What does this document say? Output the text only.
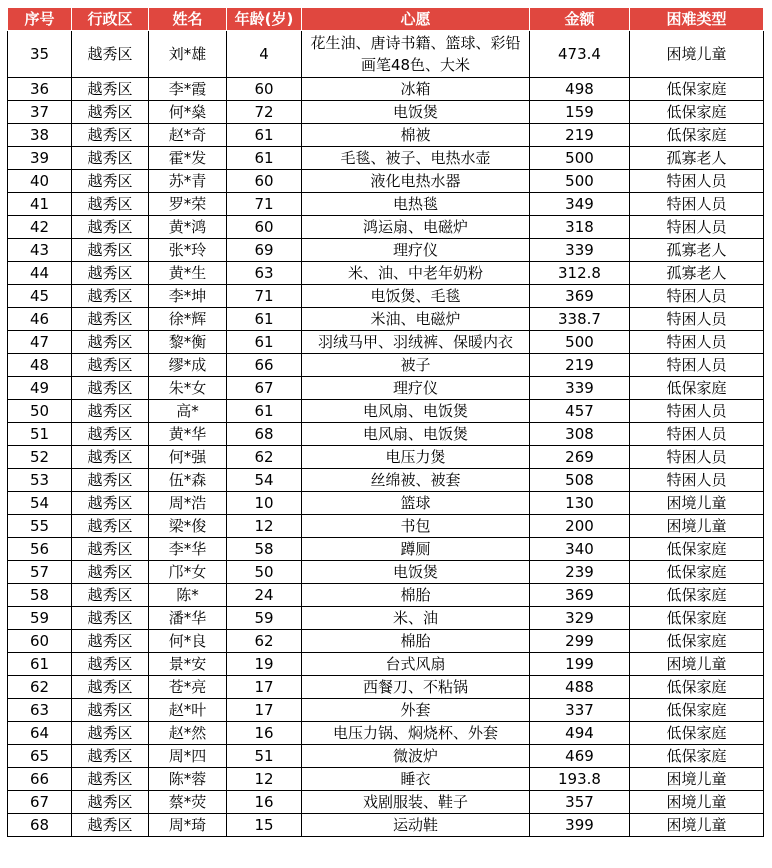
序号	行政区	姓名	年龄(岁)	心愿	金额	困难类型
35	越秀区	刘*雄	4	花生油、唐诗书籍、篮球、彩铅画笔48色、大米	473.4	困境儿童
36	越秀区	李*霞	60	冰箱	498	低保家庭
37	越秀区	何*燊	72	电饭煲	159	低保家庭
38	越秀区	赵*奇	61	棉被	219	低保家庭
39	越秀区	霍*发	61	毛毯、被子、电热水壶	500	孤寡老人
40	越秀区	苏*青	60	液化电热水器	500	特困人员
41	越秀区	罗*荣	71	电热毯	349	特困人员
42	越秀区	黄*鸿	60	鸿运扇、电磁炉	318	特困人员
43	越秀区	张*玲	69	理疗仪	339	孤寡老人
44	越秀区	黄*生	63	米、油、中老年奶粉	312.8	孤寡老人
45	越秀区	李*坤	71	电饭煲、毛毯	369	特困人员
46	越秀区	徐*辉	61	米油、电磁炉	338.7	特困人员
47	越秀区	黎*衡	61	羽绒马甲、羽绒裤、保暖内衣	500	特困人员
48	越秀区	缪*成	66	被子	219	特困人员
49	越秀区	朱*女	67	理疗仪	339	低保家庭
50	越秀区	高*	61	电风扇、电饭煲	457	特困人员
51	越秀区	黄*华	68	电风扇、电饭煲	308	特困人员
52	越秀区	何*强	62	电压力煲	269	特困人员
53	越秀区	伍*森	54	丝绵被、被套	508	特困人员
54	越秀区	周*浩	10	篮球	130	困境儿童
55	越秀区	梁*俊	12	书包	200	困境儿童
56	越秀区	李*华	58	蹲厕	340	低保家庭
57	越秀区	邝*女	50	电饭煲	239	低保家庭
58	越秀区	陈*	24	棉胎	369	低保家庭
59	越秀区	潘*华	59	米、油	329	低保家庭
60	越秀区	何*良	62	棉胎	299	低保家庭
61	越秀区	景*安	19	台式风扇	199	困境儿童
62	越秀区	苍*亮	17	西餐刀、不粘锅	488	低保家庭
63	越秀区	赵*叶	17	外套	337	低保家庭
64	越秀区	赵*然	16	电压力锅、焖烧杯、外套	494	低保家庭
65	越秀区	周*四	51	微波炉	469	低保家庭
66	越秀区	陈*蓉	12	睡衣	193.8	困境儿童
67	越秀区	蔡*荧	16	戏剧服装、鞋子	357	困境儿童
68	越秀区	周*琦	15	运动鞋	399	困境儿童
